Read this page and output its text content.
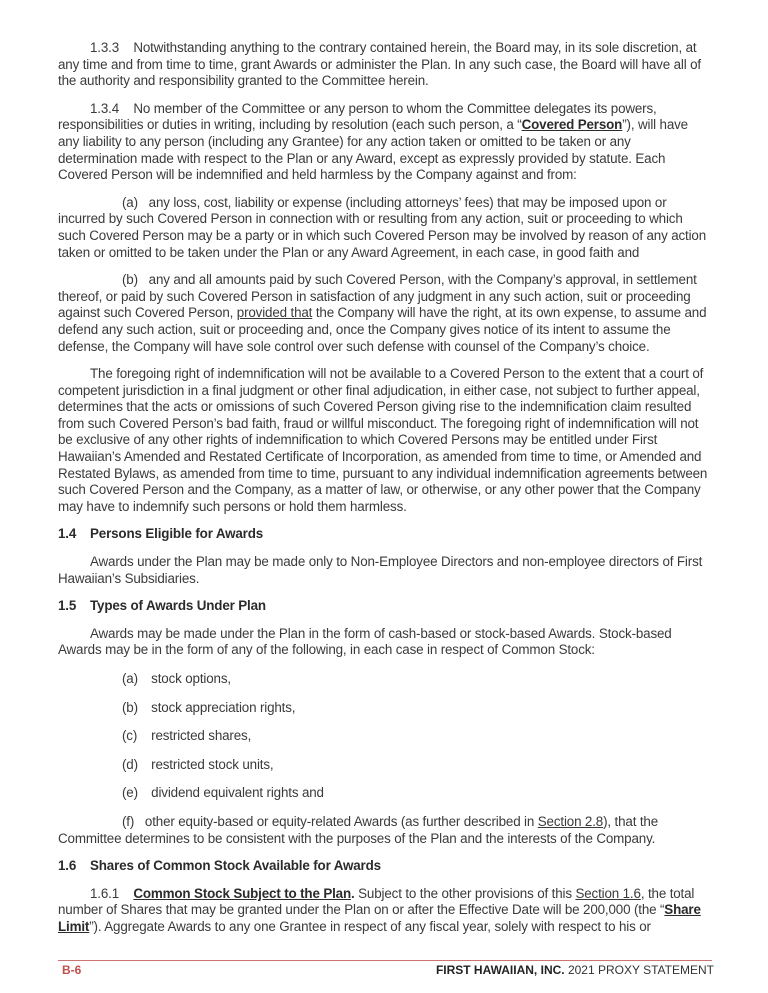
1.3.3 Notwithstanding anything to the contrary contained herein, the Board may, in its sole discretion, at any time and from time to time, grant Awards or administer the Plan. In any such case, the Board will have all of the authority and responsibility granted to the Committee herein.

1.3.4 No member of the Committee or any person to whom the Committee delegates its powers, responsibilities or duties in writing, including by resolution (each such person, a “Covered Person”), will have any liability to any person (including any Grantee) for any action taken or omitted to be taken or any determination made with respect to the Plan or any Award, except as expressly provided by statute. Each Covered Person will be indemnified and held harmless by the Company against and from:

(a) any loss, cost, liability or expense (including attorneys’ fees) that may be imposed upon or incurred by such Covered Person in connection with or resulting from any action, suit or proceeding to which such Covered Person may be a party or in which such Covered Person may be involved by reason of any action taken or omitted to be taken under the Plan or any Award Agreement, in each case, in good faith and

(b) any and all amounts paid by such Covered Person, with the Company’s approval, in settlement thereof, or paid by such Covered Person in satisfaction of any judgment in any such action, suit or proceeding against such Covered Person, provided that the Company will have the right, at its own expense, to assume and defend any such action, suit or proceeding and, once the Company gives notice of its intent to assume the defense, the Company will have sole control over such defense with counsel of the Company’s choice.

The foregoing right of indemnification will not be available to a Covered Person to the extent that a court of competent jurisdiction in a final judgment or other final adjudication, in either case, not subject to further appeal, determines that the acts or omissions of such Covered Person giving rise to the indemnification claim resulted from such Covered Person’s bad faith, fraud or willful misconduct. The foregoing right of indemnification will not be exclusive of any other rights of indemnification to which Covered Persons may be entitled under First Hawaiian’s Amended and Restated Certificate of Incorporation, as amended from time to time, or Amended and Restated Bylaws, as amended from time to time, pursuant to any individual indemnification agreements between such Covered Person and the Company, as a matter of law, or otherwise, or any other power that the Company may have to indemnify such persons or hold them harmless.

1.4 Persons Eligible for Awards

Awards under the Plan may be made only to Non-Employee Directors and non-employee directors of First Hawaiian’s Subsidiaries.

1.5 Types of Awards Under Plan

Awards may be made under the Plan in the form of cash-based or stock-based Awards. Stock-based Awards may be in the form of any of the following, in each case in respect of Common Stock:

(a) stock options,

(b) stock appreciation rights,

(c) restricted shares,

(d) restricted stock units,

(e) dividend equivalent rights and

(f) other equity-based or equity-related Awards (as further described in Section 2.8), that the Committee determines to be consistent with the purposes of the Plan and the interests of the Company.

1.6 Shares of Common Stock Available for Awards

1.6.1 Common Stock Subject to the Plan. Subject to the other provisions of this Section 1.6, the total number of Shares that may be granted under the Plan on or after the Effective Date will be 200,000 (the “Share Limit”). Aggregate Awards to any one Grantee in respect of any fiscal year, solely with respect to his or

B-6	FIRST HAWAIIAN, INC. 2021 PROXY STATEMENT
